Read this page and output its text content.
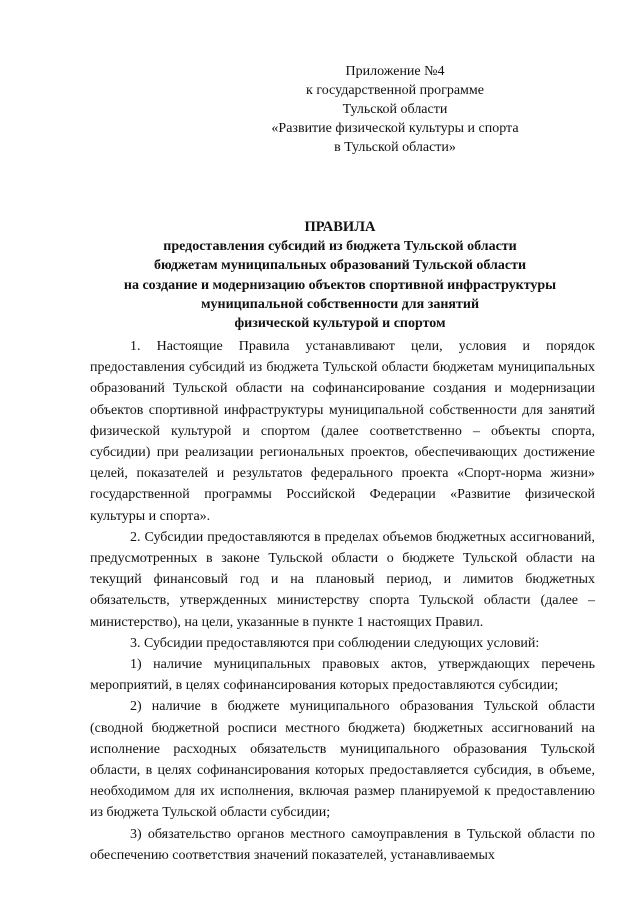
Приложение №4
к государственной программе
Тульской области
«Развитие физической культуры и спорта
в Тульской области»
ПРАВИЛА
предоставления субсидий из бюджета Тульской области
бюджетам муниципальных образований Тульской области
на создание и модернизацию объектов спортивной инфраструктуры
муниципальной собственности для занятий
физической культурой и спортом

1. Настоящие Правила устанавливают цели, условия и порядок предоставления субсидий из бюджета Тульской области бюджетам муниципальных образований Тульской области на софинансирование создания и модернизации объектов спортивной инфраструктуры муниципальной собственности для занятий физической культурой и спортом (далее соответственно – объекты спорта, субсидии) при реализации региональных проектов, обеспечивающих достижение целей, показателей и результатов федерального проекта «Спорт-норма жизни» государственной программы Российской Федерации «Развитие физической культуры и спорта».

2. Субсидии предоставляются в пределах объемов бюджетных ассигнований, предусмотренных в законе Тульской области о бюджете Тульской области на текущий финансовый год и на плановый период, и лимитов бюджетных обязательств, утвержденных министерству спорта Тульской области (далее – министерство), на цели, указанные в пункте 1 настоящих Правил.

3. Субсидии предоставляются при соблюдении следующих условий:

1) наличие муниципальных правовых актов, утверждающих перечень мероприятий, в целях софинансирования которых предоставляются субсидии;

2) наличие в бюджете муниципального образования Тульской области (сводной бюджетной росписи местного бюджета) бюджетных ассигнований на исполнение расходных обязательств муниципального образования Тульской области, в целях софинансирования которых предоставляется субсидия, в объеме, необходимом для их исполнения, включая размер планируемой к предоставлению из бюджета Тульской области субсидии;

3) обязательство органов местного самоуправления в Тульской области по обеспечению соответствия значений показателей, устанавливаемых
